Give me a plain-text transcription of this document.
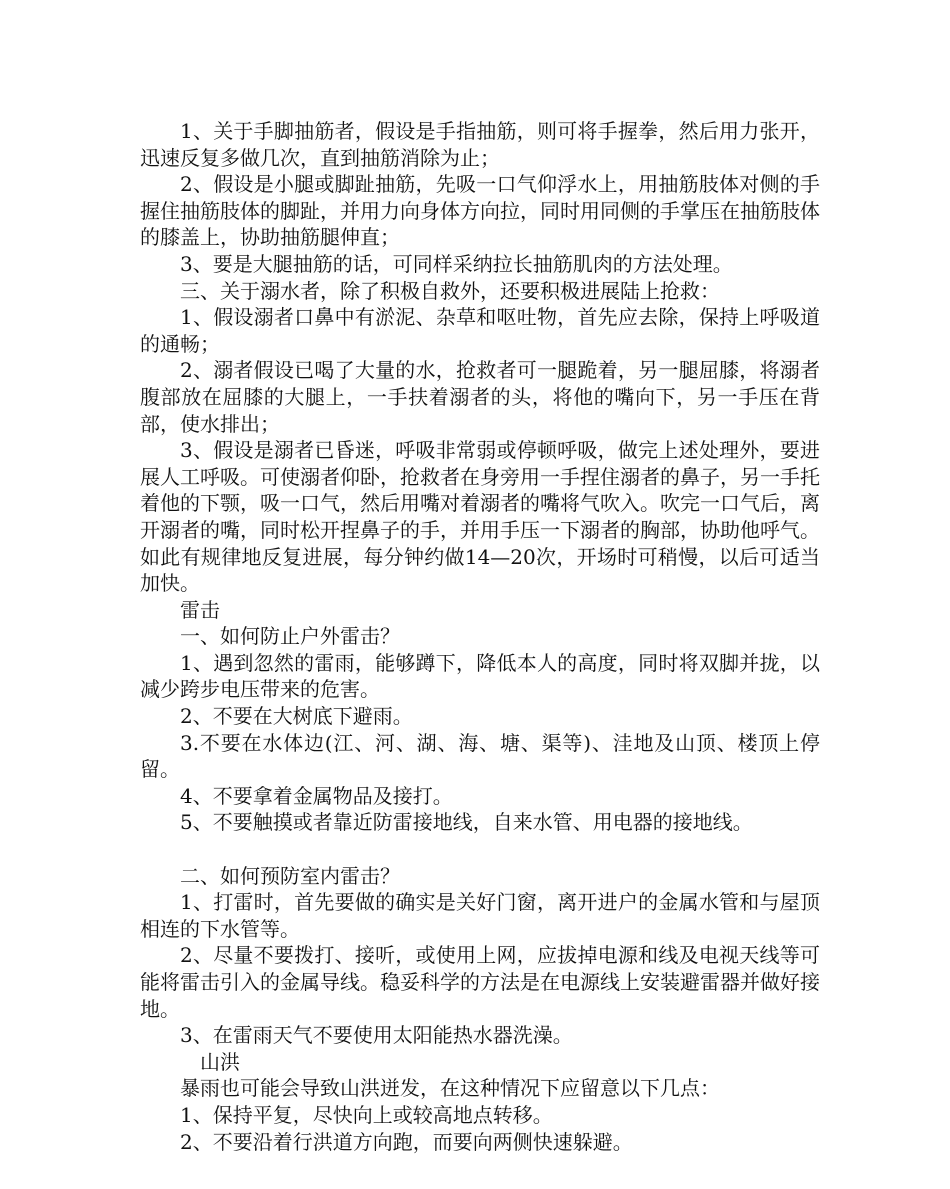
1、关于手脚抽筋者，假设是手指抽筋，则可将手握拳，然后用力张开，迅速反复多做几次，直到抽筋消除为止；

2、假设是小腿或脚趾抽筋，先吸一口气仰浮水上，用抽筋肢体对侧的手握住抽筋肢体的脚趾，并用力向身体方向拉，同时用同侧的手掌压在抽筋肢体的膝盖上，协助抽筋腿伸直；

3、要是大腿抽筋的话，可同样采纳拉长抽筋肌肉的方法处理。

三、关于溺水者，除了积极自救外，还要积极进展陆上抢救：

1、假设溺者口鼻中有淤泥、杂草和呕吐物，首先应去除，保持上呼吸道的通畅；

2、溺者假设已喝了大量的水，抢救者可一腿跪着，另一腿屈膝，将溺者腹部放在屈膝的大腿上，一手扶着溺者的头，将他的嘴向下，另一手压在背部，使水排出；

3、假设是溺者已昏迷，呼吸非常弱或停顿呼吸，做完上述处理外，要进展人工呼吸。可使溺者仰卧，抢救者在身旁用一手捏住溺者的鼻子，另一手托着他的下颚，吸一口气，然后用嘴对着溺者的嘴将气吹入。吹完一口气后，离开溺者的嘴，同时松开捏鼻子的手，并用手压一下溺者的胸部，协助他呼气。如此有规律地反复进展，每分钟约做14—20次，开场时可稍慢，以后可适当加快。

雷击

一、如何防止户外雷击？

1、遇到忽然的雷雨，能够蹲下，降低本人的高度，同时将双脚并拢，以减少跨步电压带来的危害。

2、不要在大树底下避雨。

3.不要在水体边(江、河、湖、海、塘、渠等)、洼地及山顶、楼顶上停留。

4、不要拿着金属物品及接打。

5、不要触摸或者靠近防雷接地线，自来水管、用电器的接地线。

二、如何预防室内雷击？

1、打雷时，首先要做的确实是关好门窗，离开进户的金属水管和与屋顶相连的下水管等。

2、尽量不要拨打、接听，或使用上网，应拔掉电源和线及电视天线等可能将雷击引入的金属导线。稳妥科学的方法是在电源线上安装避雷器并做好接地。

3、在雷雨天气不要使用太阳能热水器洗澡。

山洪

暴雨也可能会导致山洪迸发，在这种情况下应留意以下几点：

1、保持平复，尽快向上或较高地点转移。

2、不要沿着行洪道方向跑，而要向两侧快速躲避。
